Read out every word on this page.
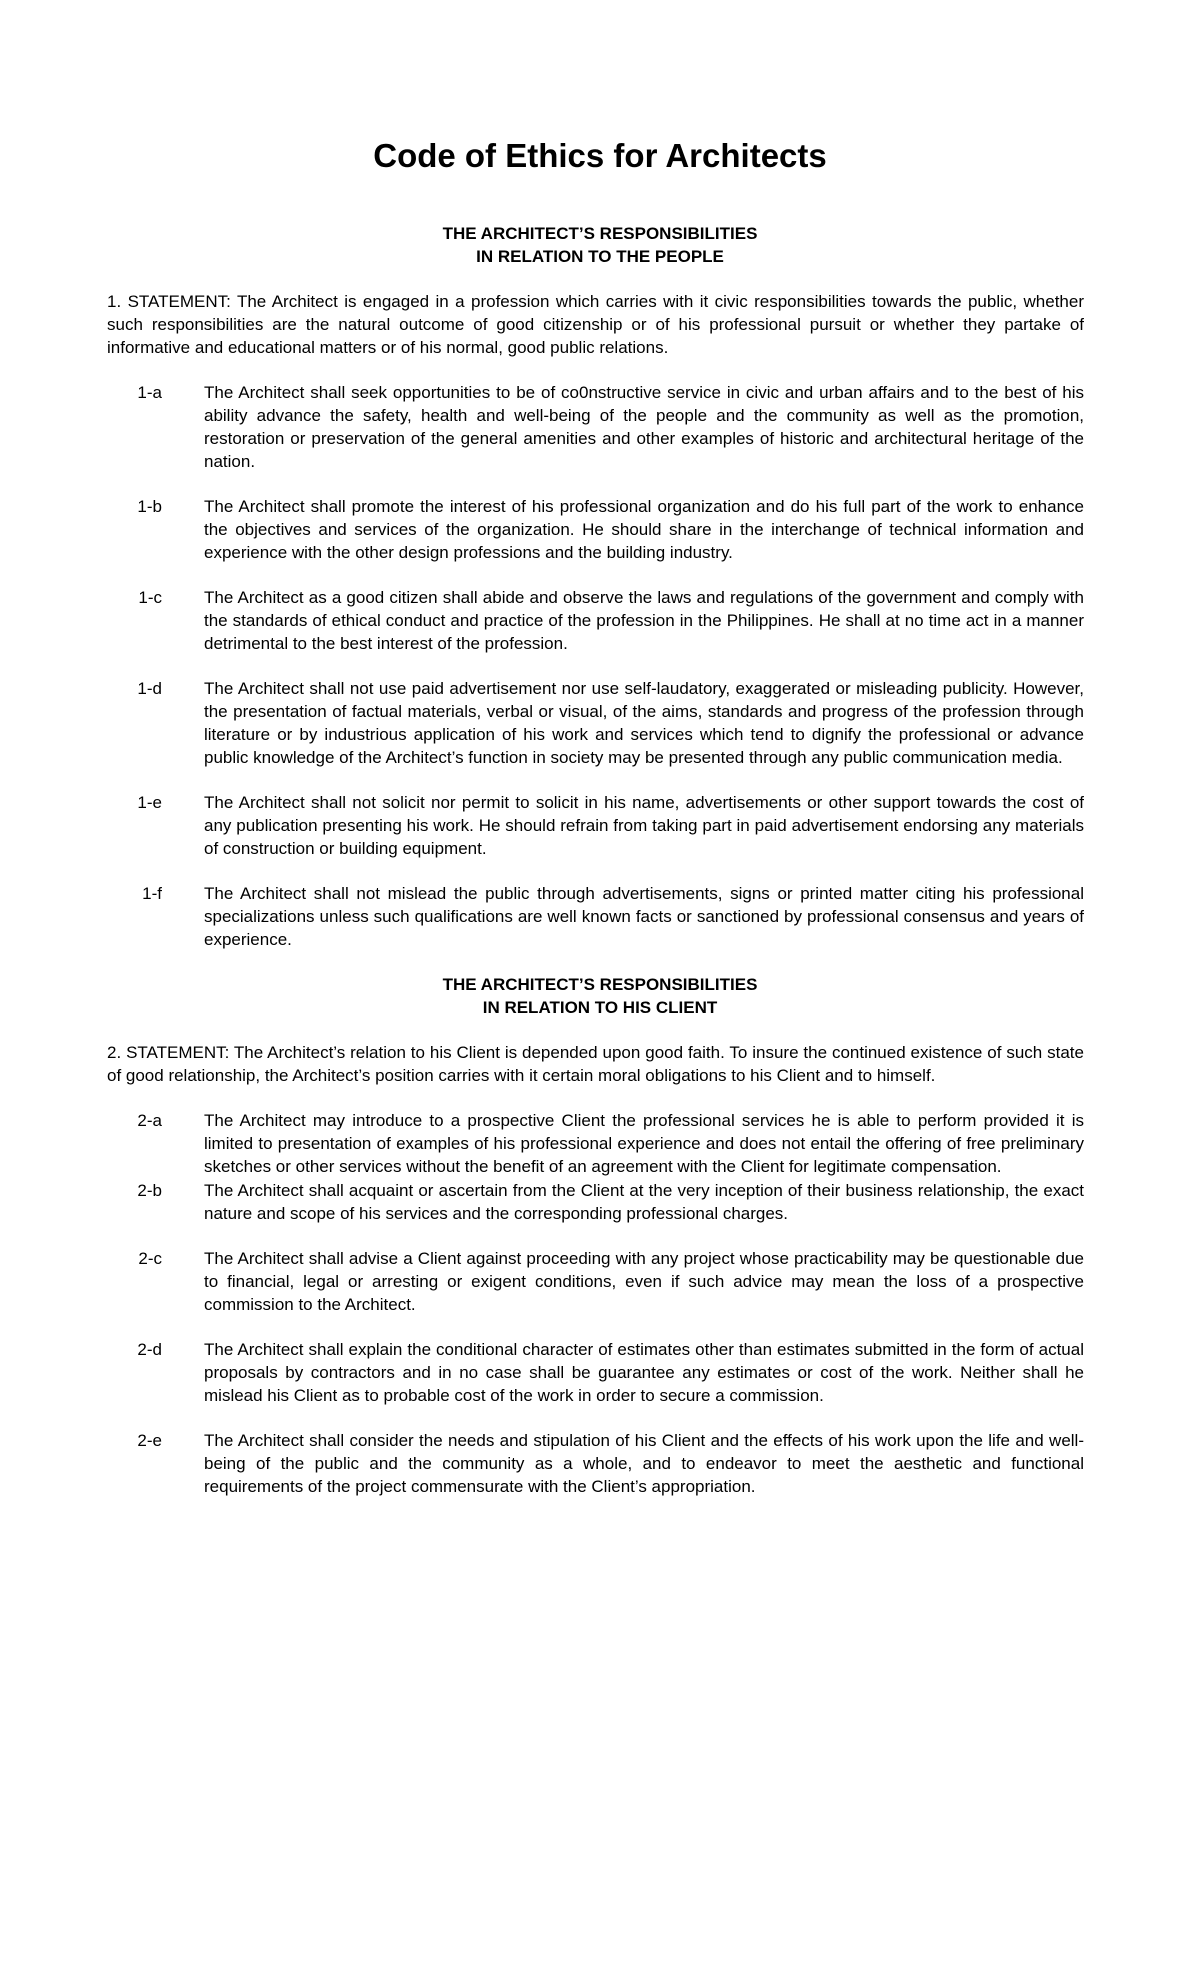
Code of Ethics for Architects
THE ARCHITECT’S RESPONSIBILITIES
IN RELATION TO THE PEOPLE

1. STATEMENT: The Architect is engaged in a profession which carries with it civic responsibilities towards the public, whether such responsibilities are the natural outcome of good citizenship or of his professional pursuit or whether they partake of informative and educational matters or of his normal, good public relations.

1-a	The Architect shall seek opportunities to be of co0nstructive service in civic and urban affairs and to the best of his ability advance the safety, health and well-being of the people and the community as well as the promotion, restoration or preservation of the general amenities and other examples of historic and architectural heritage of the nation.
1-b	The Architect shall promote the interest of his professional organization and do his full part of the work to enhance the objectives and services of the organization. He should share in the interchange of technical information and experience with the other design professions and the building industry.
1-c	The Architect as a good citizen shall abide and observe the laws and regulations of the government and comply with the standards of ethical conduct and practice of the profession in the Philippines. He shall at no time act in a manner detrimental to the best interest of the profession.
1-d	The Architect shall not use paid advertisement nor use self-laudatory, exaggerated or misleading publicity. However, the presentation of factual materials, verbal or visual, of the aims, standards and progress of the profession through literature or by industrious application of his work and services which tend to dignify the professional or advance public knowledge of the Architect’s function in society may be presented through any public communication media.
1-e	The Architect shall not solicit nor permit to solicit in his name, advertisements or other support towards the cost of any publication presenting his work. He should refrain from taking part in paid advertisement endorsing any materials of construction or building equipment.
1-f	The Architect shall not mislead the public through advertisements, signs or printed matter citing his professional specializations unless such qualifications are well known facts or sanctioned by professional consensus and years of experience.
THE ARCHITECT’S RESPONSIBILITIES
IN RELATION TO HIS CLIENT

2. STATEMENT: The Architect’s relation to his Client is depended upon good faith. To insure the continued existence of such state of good relationship, the Architect’s position carries with it certain moral obligations to his Client and to himself.

2-a	The Architect may introduce to a prospective Client the professional services he is able to perform provided it is limited to presentation of examples of his professional experience and does not entail the offering of free preliminary sketches or other services without the benefit of an agreement with the Client for legitimate compensation.
2-b	The Architect shall acquaint or ascertain from the Client at the very inception of their business relationship, the exact nature and scope of his services and the corresponding professional charges.
2-c	The Architect shall advise a Client against proceeding with any project whose practicability may be questionable due to financial, legal or arresting or exigent conditions, even if such advice may mean the loss of a prospective commission to the Architect.
2-d	The Architect shall explain the conditional character of estimates other than estimates submitted in the form of actual proposals by contractors and in no case shall be guarantee any estimates or cost of the work. Neither shall he mislead his Client as to probable cost of the work in order to secure a commission.
2-e	The Architect shall consider the needs and stipulation of his Client and the effects of his work upon the life and well-being of the public and the community as a whole, and to endeavor to meet the aesthetic and functional requirements of the project commensurate with the Client’s appropriation.
